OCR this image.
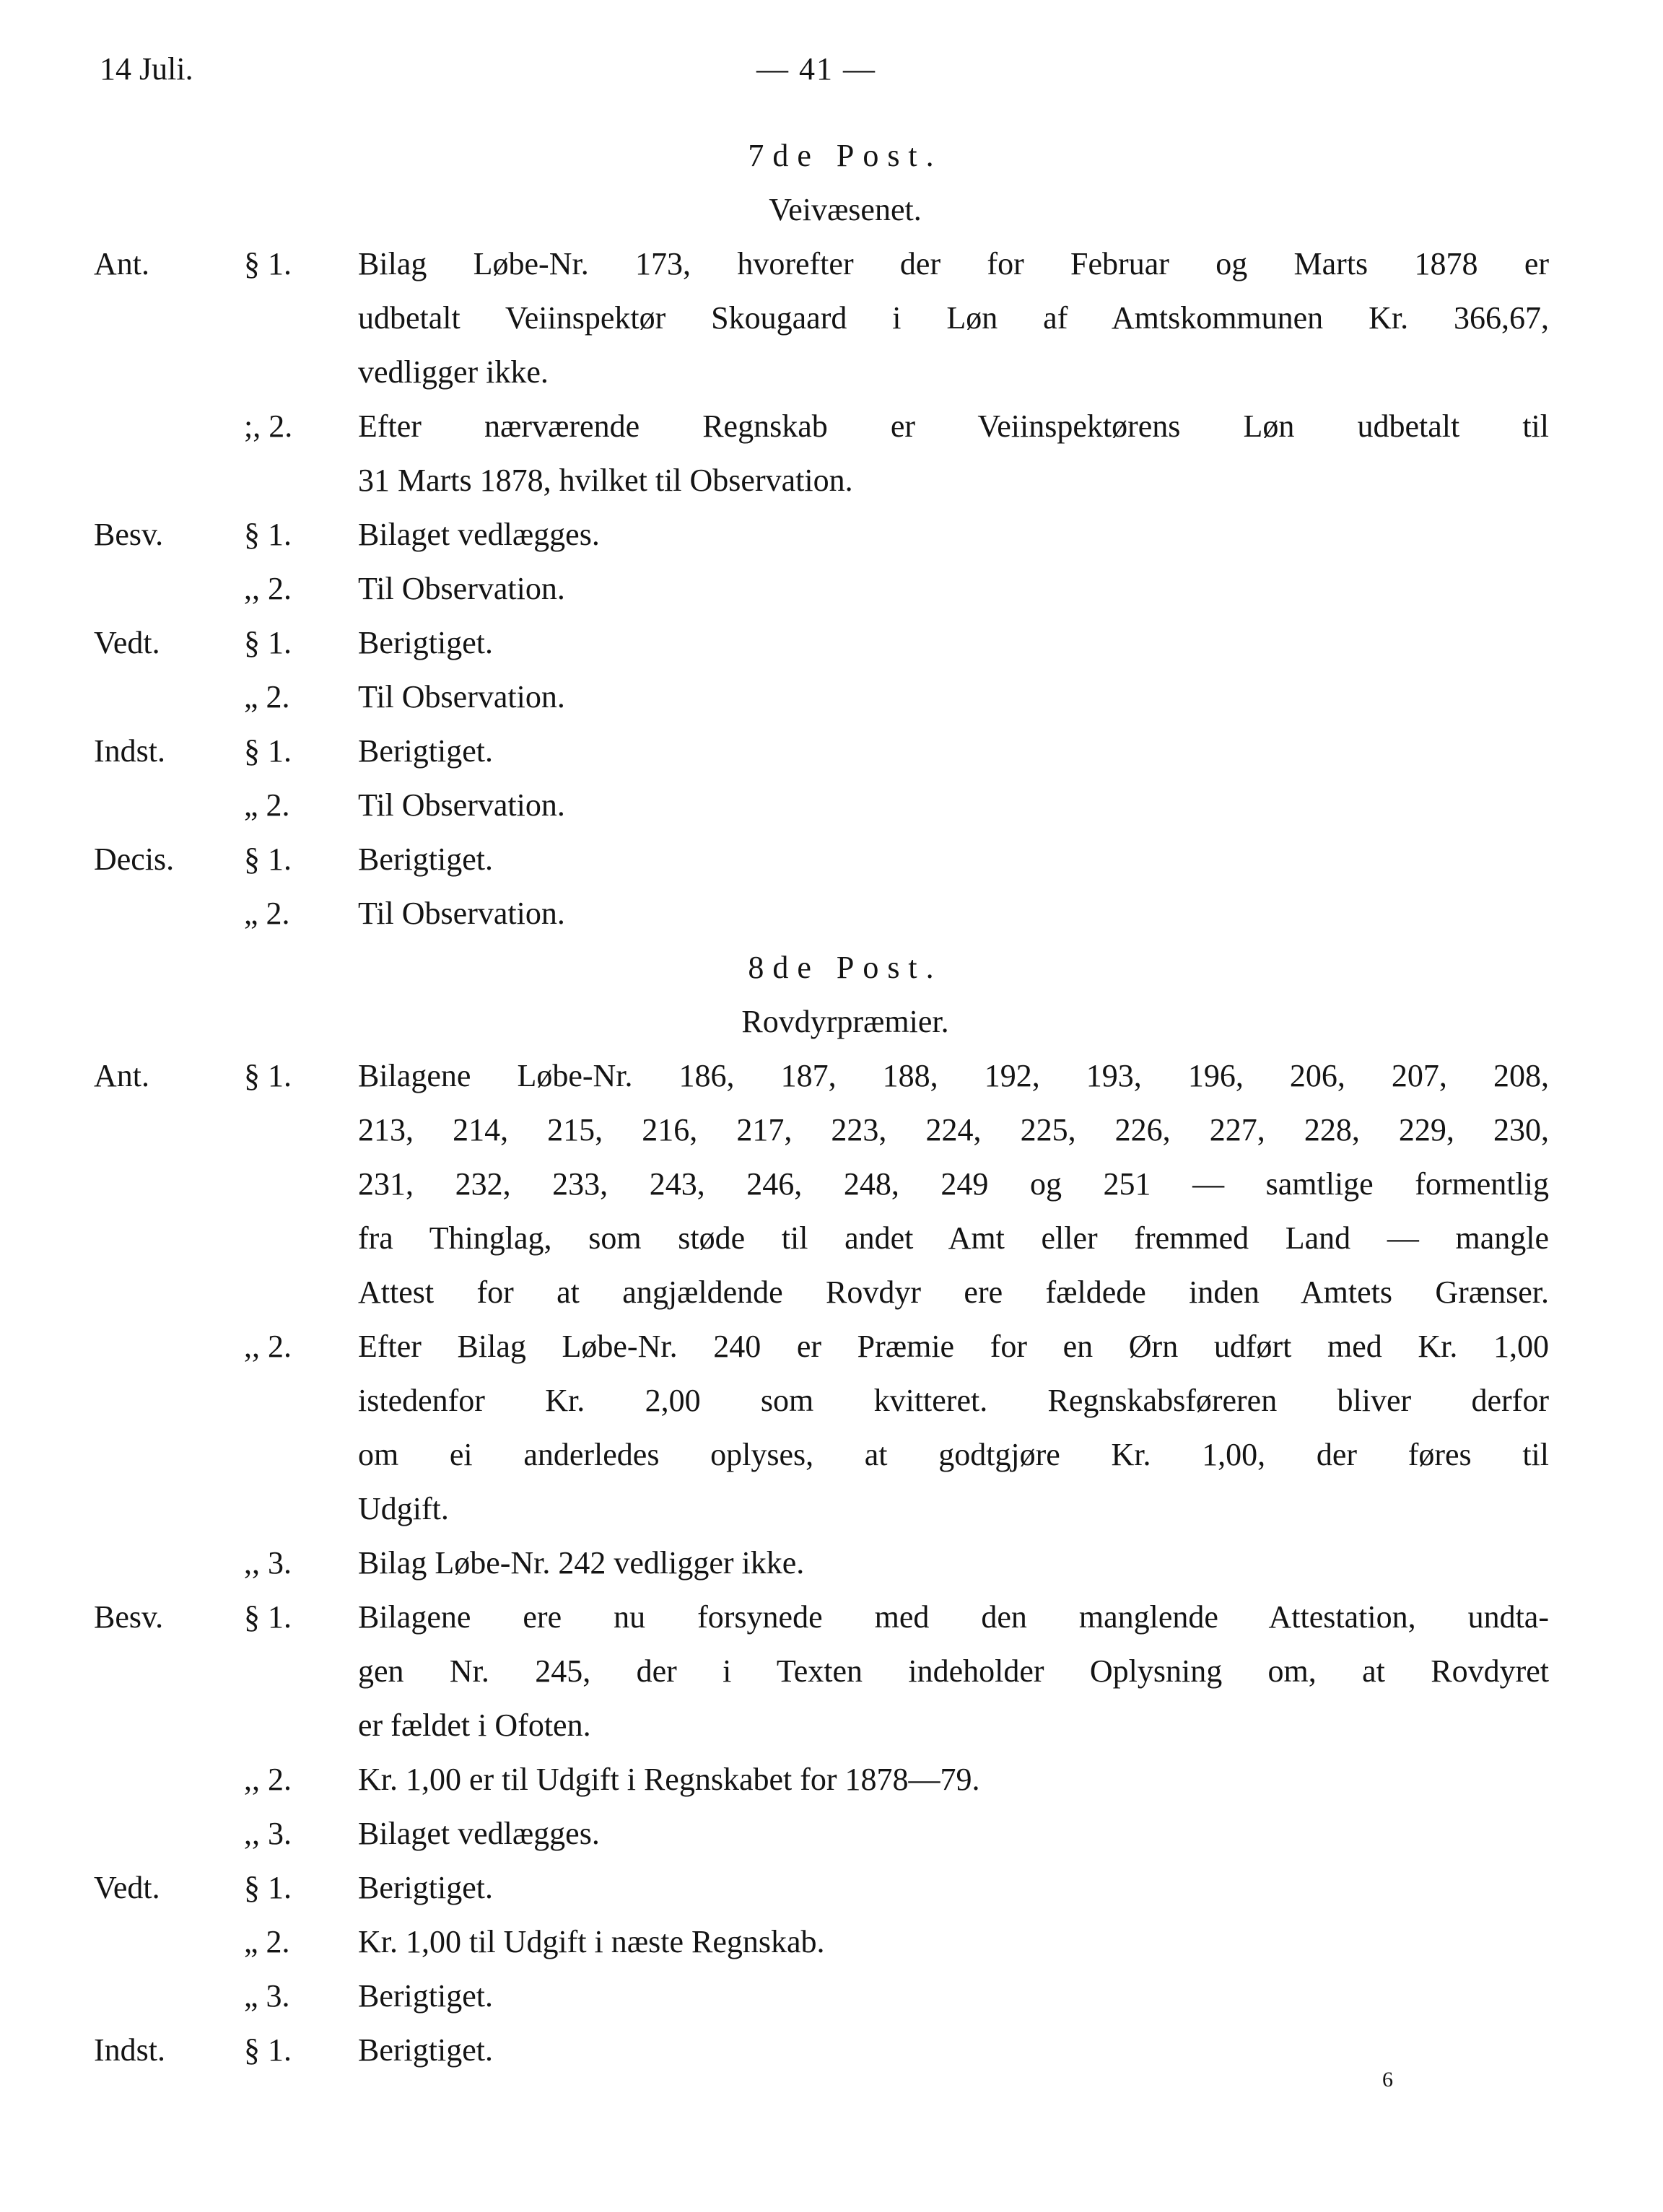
14 Juli.	— 41 —
7de Post.
Veivæsenet.
Ant.	§ 1. Bilag Løbe-Nr. 173, hvorefter der for Februar og Marts 1878 er
udbetalt Veiinspektør Skougaard i Løn af Amtskommunen Kr. 366,67,
vedligger ikke.
;, 2. Efter nærværende Regnskab er Veiinspektørens Løn udbetalt til
31 Marts 1878, hvilket til Observation.
Besv.	§ 1. Bilaget vedlægges.
,, 2. Til Observation.
Vedt.	§ 1. Berigtiget.
„ 2. Til Observation.
Indst. § 1. Berigtiget.
„ 2. Til Observation.
Decis. § 1. Berigtiget.
„ 2. Til Observation.
8de Post.
Rovdyrpræmier.
Ant.	§ 1. Bilagene Løbe-Nr. 186, 187, 188, 192, 193, 196, 206, 207, 208,
213, 214, 215, 216, 217, 223, 224, 225, 226, 227, 228, 229, 230,
231, 232, 233, 243, 246, 248, 249 og 251 — samtlige formentlig
fra Thinglag, som støde til andet Amt eller fremmed Land — mangle
Attest for at angjældende Rovdyr ere fældede inden Amtets Grænser.
,, 2. Efter Bilag Løbe-Nr. 240 er Præmie for en Ørn udført med Kr. 1,00
istedenfor Kr. 2,00 som kvitteret. Regnskabsføreren bliver derfor
om ei anderledes oplyses, at godtgjøre Kr. 1,00, der føres til
Udgift.
,, 3. Bilag Løbe-Nr. 242 vedligger ikke.
Besv.	§ 1. Bilagene ere nu forsynede med den manglende Attestation, undta-
gen Nr. 245, der i Texten indeholder Oplysning om, at Rovdyret
er fældet i Ofoten.
,, 2. Kr. 1,00 er til Udgift i Regnskabet for 1878—79.
,, 3. Bilaget vedlægges.
Vedt.	§ 1. Berigtiget.
„ 2. Kr. 1,00 til Udgift i næste Regnskab.
„ 3. Berigtiget.
Indst. § 1. Berigtiget.
6
